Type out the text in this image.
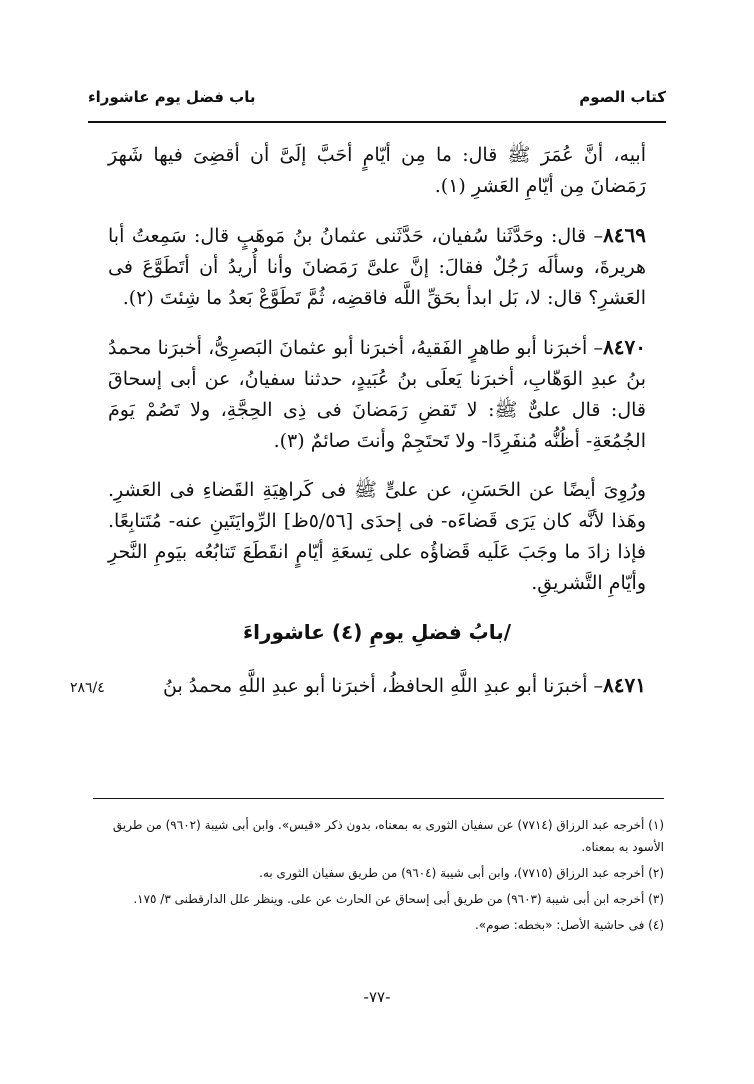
كتاب الصوم
باب فضل يوم عاشوراء

أبيه، أنَّ عُمَرَ ﷺ قال: ما مِن أيّامٍ أحَبَّ إلَىَّ أن أقضِىَ فيها شَهرَ رَمَضانَ مِن أيّامِ العَشرِ (١).

٨٤٦٩– قال: وحَدَّثَنا سُفيان، حَدَّثَنى عثمانُ بنُ مَوهَبٍ قال: سَمِعتُ أبا هريرةَ، وسألَه رَجُلٌ فقالَ: إنَّ علىَّ رَمَضانَ وأنا أُريدُ أن أتَطَوَّعَ فى العَشرِ؟ قال: لا، بَل ابدأ بحَقِّ اللَّه فاقضِه، ثُمَّ تَطَوَّعْ بَعدُ ما شِئتَ (٢).

٨٤٧٠– أخبرَنا أبو طاهرٍ الفَقيهُ، أخبرَنا أبو عثمانَ البَصرِىُّ، أخبرَنا محمدُ بنُ عبدِ الوَهّابِ، أخبرَنا يَعلَى بنُ عُبَيدٍ، حدثنا سفيانُ، عن أبى إسحاقَ قال: قال علىٌّ ﷺ: لا تَقضِ رَمَضانَ فى ذِى الحِجَّةِ، ولا تَصُمْ يَومَ الجُمُعَةِ- أظُنُّه مُنفَرِدًا- ولا تَحتَجِمْ وأنتَ صائمٌ (٣).

ورُوِىَ أيضًا عن الحَسَنِ، عن علىٍّ ﷺ فى كَراهِيَةِ القَضاءِ فى العَشرِ. وهَذا لأنَّه كان يَرَى قَضاءَه- فى إحدَى [٥/٥٦ظ] الرِّوايَتَينِ عنه- مُتَتابِعًا. فإذا زادَ ما وجَبَ عَلَيه قَضاؤُه على تِسعَةِ أيّامٍ انقَطَعَ تَتابُعُه بيَومِ النَّحرِ وأيّامِ التَّشريقِ.

/بابُ فضلِ يومِ (٤) عاشوراءَ

٨٤٧١– أخبرَنا أبو عبدِ اللَّهِ الحافظُ، أخبرَنا أبو عبدِ اللَّهِ محمدُ بنُ

٢٨٦/٤
(١) أخرجه عبد الرزاق (٧٧١٤) عن سفيان الثورى به بمعناه، بدون ذكر «قيس». وابن أبى شيبة (٩٦٠٢) من طريق الأسود به بمعناه.
(٢) أخرجه عبد الرزاق (٧٧١٥)، وابن أبى شيبة (٩٦٠٤) من طريق سفيان الثورى به.
(٣) أخرجه ابن أبى شيبة (٩٦٠٣) من طريق أبى إسحاق عن الحارث عن على. وينظر علل الدارقطنى ٣/ ١٧٥.
(٤) فى حاشية الأصل: «بخطه: صوم».
-٧٧-
